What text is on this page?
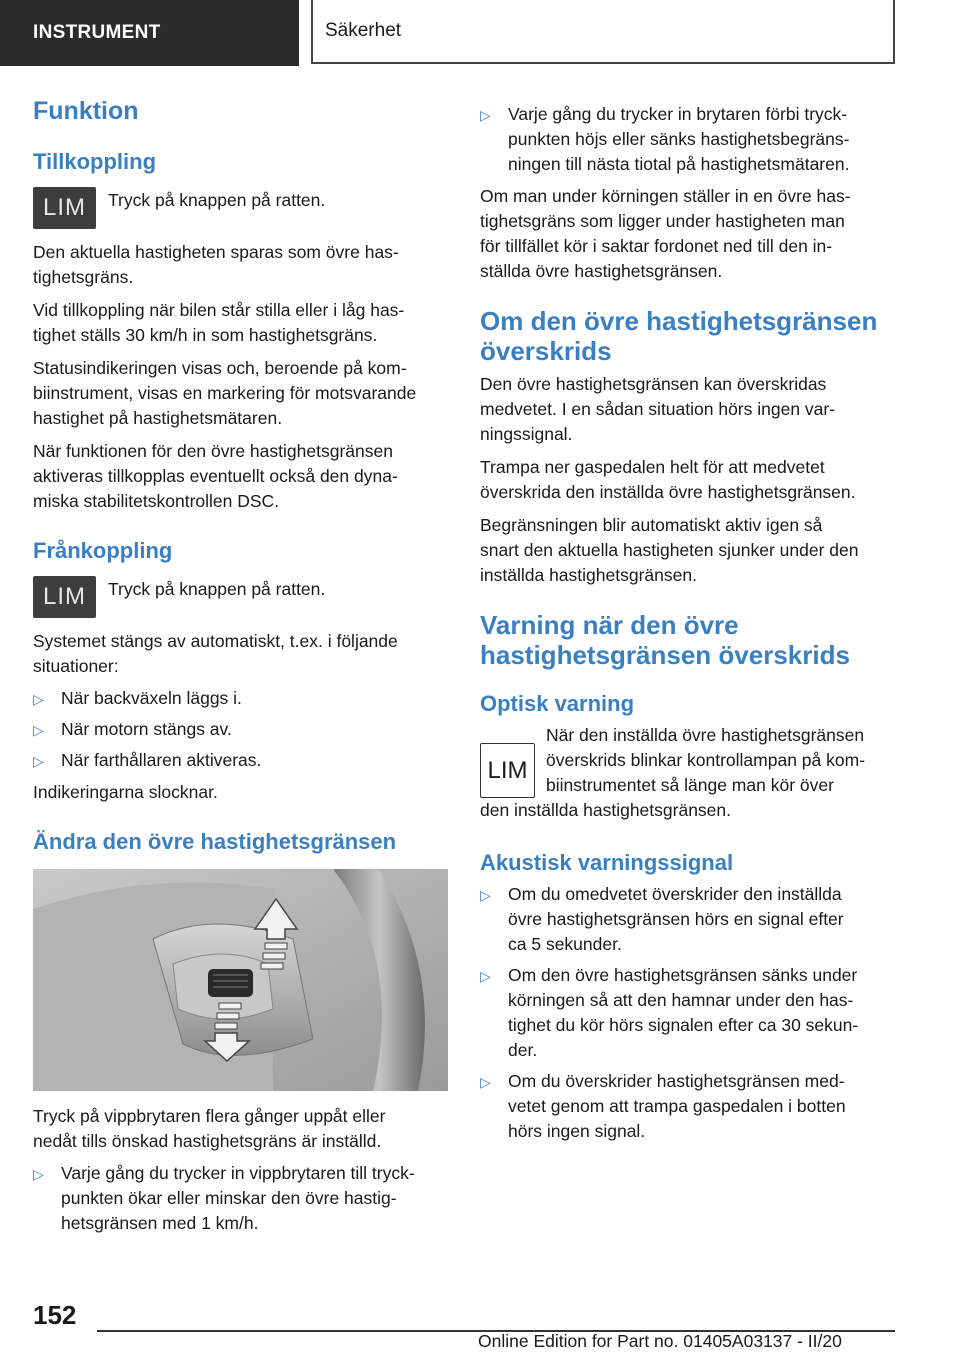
INSTRUMENT	Säkerhet
Funktion
Tillkoppling
LIM Tryck på knappen på ratten.

Den aktuella hastigheten sparas som övre has-
tighetsgräns.

Vid tillkoppling när bilen står stilla eller i låg has-
tighet ställs 30 km/h in som hastighetsgräns.

Statusindikeringen visas och, beroende på kom-
biinstrument, visas en markering för motsvarande
hastighet på hastighetsmätaren.

När funktionen för den övre hastighetsgränsen
aktiveras tillkopplas eventuellt också den dyna-
miska stabilitetskontrollen DSC.

Frånkoppling
LIM Tryck på knappen på ratten.

Systemet stängs av automatiskt, t.ex. i följande
situationer:

▷ När backväxeln läggs i.
▷ När motorn stängs av.
▷ När farthållaren aktiveras.

Indikeringarna slocknar.

Ändra den övre hastighetsgränsen

Tryck på vippbrytaren flera gånger uppåt eller
nedåt tills önskad hastighetsgräns är inställd.

▷ Varje gång du trycker in vippbrytaren till tryck-
punkten ökar eller minskar den övre hastig-
hetsgränsen med 1 km/h.
▷ Varje gång du trycker in brytaren förbi tryck-
punkten höjs eller sänks hastighetsbegräns-
ningen till nästa tiotal på hastighetsmätaren.

Om man under körningen ställer in en övre has-
tighetsgräns som ligger under hastigheten man
för tillfället kör i saktar fordonet ned till den in-
ställda övre hastighetsgränsen.

Om den övre hastighetsgränsen
överskrids

Den övre hastighetsgränsen kan överskridas
medvetet. I en sådan situation hörs ingen var-
ningssignal.

Trampa ner gaspedalen helt för att medvetet
överskrida den inställda övre hastighetsgränsen.

Begränsningen blir automatiskt aktiv igen så
snart den aktuella hastigheten sjunker under den
inställda hastighetsgränsen.

Varning när den övre
hastighetsgränsen överskrids
Optisk varning
LIM

När den inställda övre hastighetsgränsen
överskrids blinkar kontrollampan på kom-
biinstrumentet så länge man kör över

den inställda hastighetsgränsen.

Akustisk varningssignal
▷ Om du omedvetet överskrider den inställda
övre hastighetsgränsen hörs en signal efter
ca 5 sekunder.
▷ Om den övre hastighetsgränsen sänks under
körningen så att den hamnar under den has-
tighet du kör hörs signalen efter ca 30 sekun-
der.
▷ Om du överskrider hastighetsgränsen med-
vetet genom att trampa gaspedalen i botten
hörs ingen signal.
152
Online Edition for Part no. 01405A03137 - II/20
